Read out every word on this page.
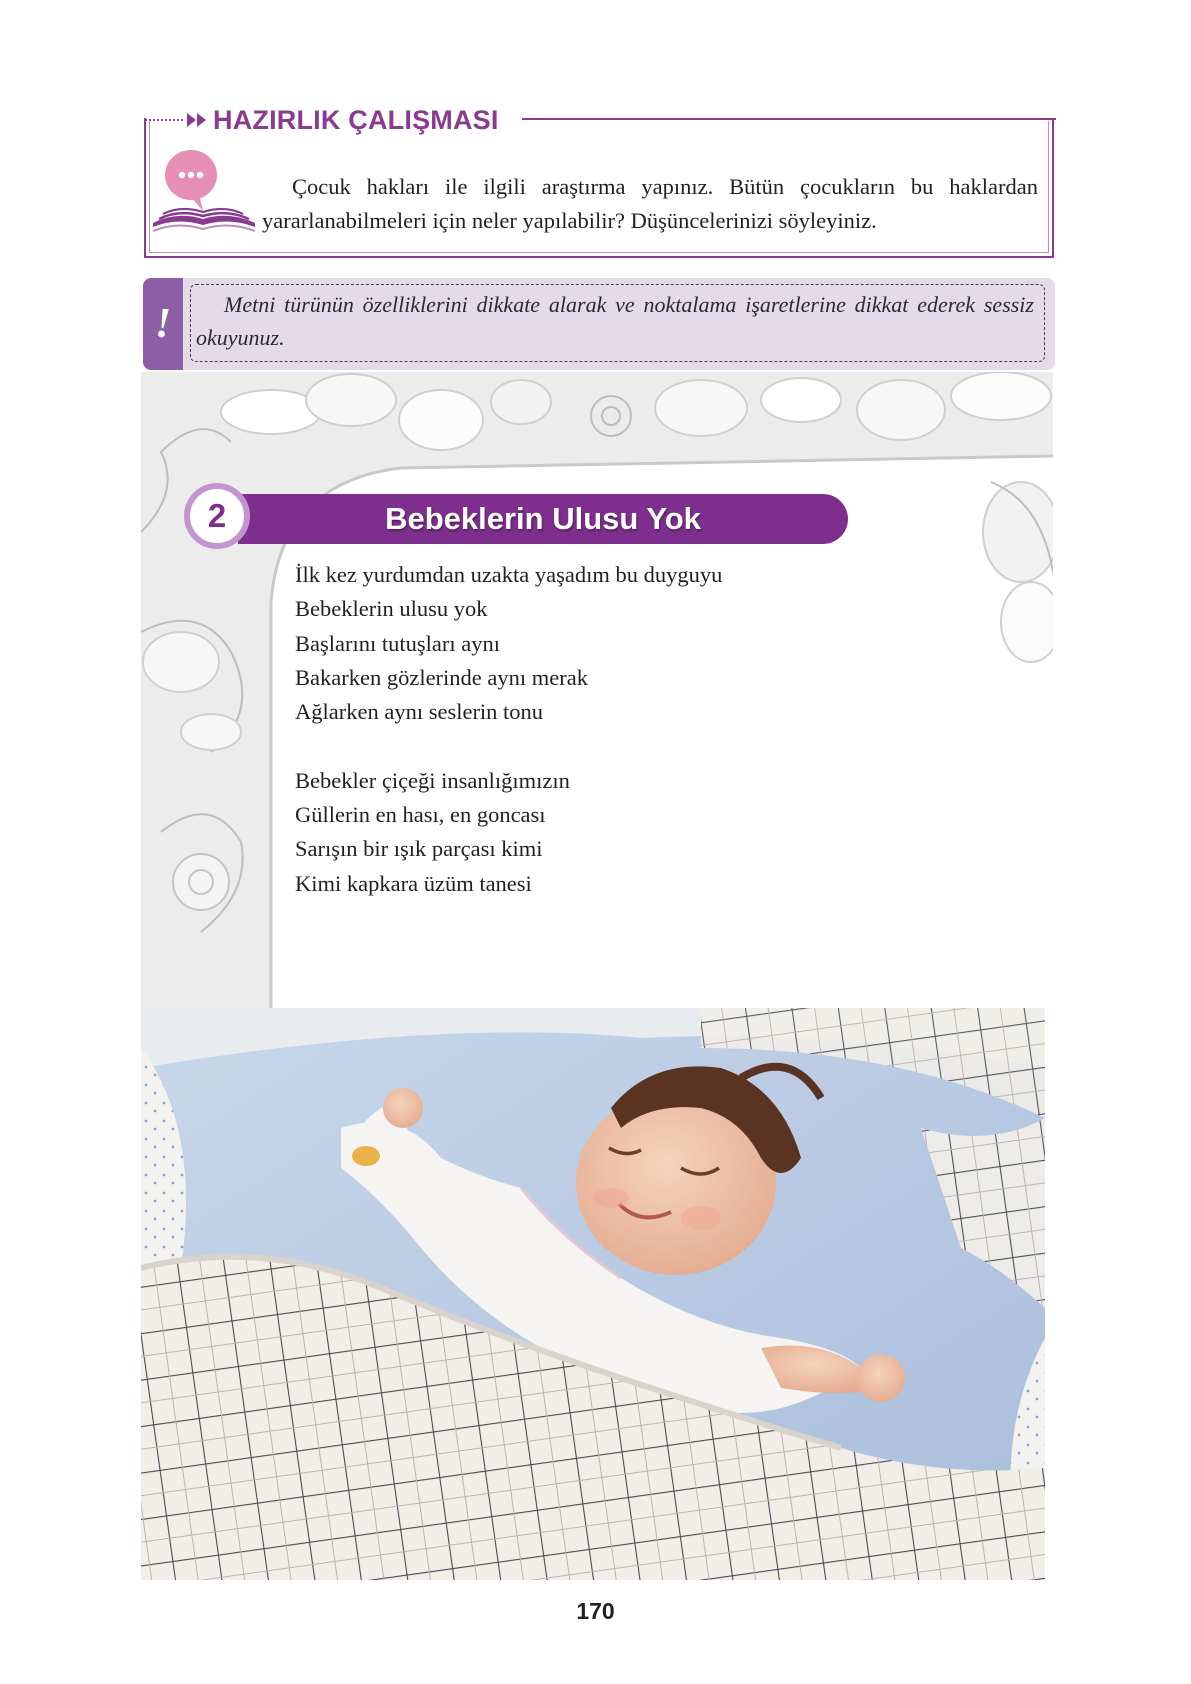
HAZIRLIK ÇALIŞMASI
Çocuk hakları ile ilgili araştırma yapınız. Bütün çocukların bu haklardan yararlanabilmeleri için neler yapılabilir? Düşüncelerinizi söyleyiniz.
!	Metni türünün özelliklerini dikkate alarak ve noktalama işaretlerine dikkat ederek sessiz okuyunuz.
Bebeklerin Ulusu Yok
2
İlk kez yurdumdan uzakta yaşadım bu duyguyu
Bebeklerin ulusu yok
Başlarını tutuşları aynı
Bakarken gözlerinde aynı merak
Ağlarken aynı seslerin tonu
Bebekler çiçeği insanlığımızın
Güllerin en hası, en goncası
Sarışın bir ışık parçası kimi
Kimi kapkara üzüm tanesi
170
